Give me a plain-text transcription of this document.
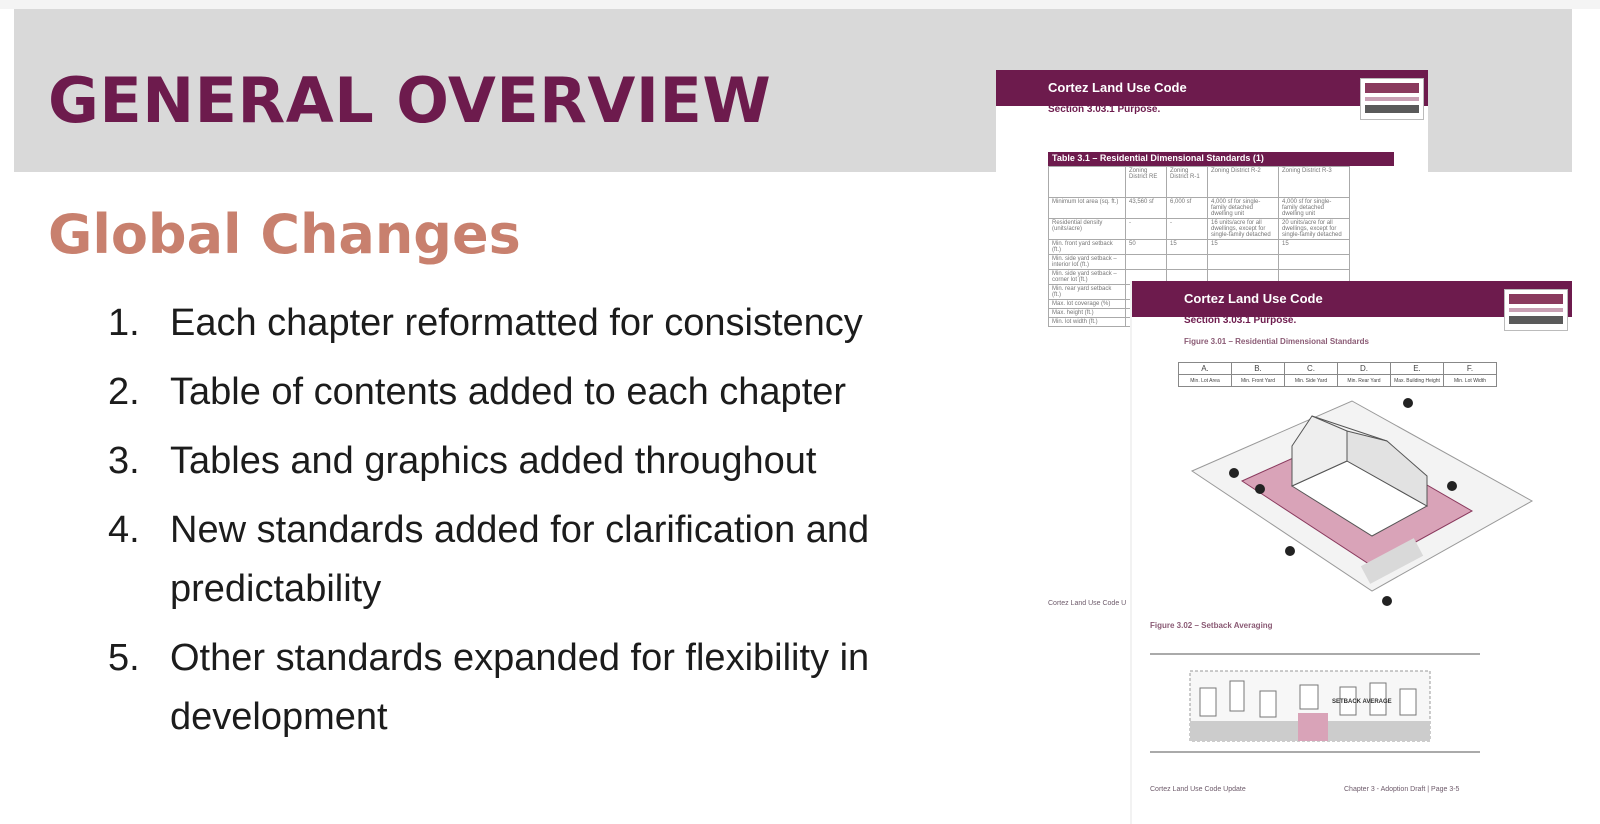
GENERAL OVERVIEW
Global Changes
1. Each chapter reformatted for consistency
2. Table of contents added to each chapter
3. Tables and graphics added throughout
4. New standards added for clarification and predictability
5. Other standards expanded for flexibility in development
Cortez Land Use Code
Section 3.03.1 Purpose.
Table 3.1 – Residential Dimensional Standards (1)
	Zoning District RE	Zoning District R-1	Zoning District R-2	Zoning District R-3
Minimum lot area (sq. ft.)	43,560 sf	6,000 sf	4,000 sf for single-family detached dwelling unit	4,000 sf for single-family detached dwelling unit
Residential density (units/acre)	-	-	16 units/acre for all dwellings, except for single-family detached	20 units/acre for all dwellings, except for single-family detached
Min. front yard setback (ft.)	50	15	15	15
Min. side yard setback – interior lot (ft.)				
Min. side yard setback – corner lot (ft.)				
Min. rear yard setback (ft.)				
Max. lot coverage (%)				
Max. height (ft.)				
Min. lot width (ft.)				
Cortez Land Use Code U
Cortez Land Use Code
Section 3.03.1 Purpose.
Figure 3.01 – Residential Dimensional Standards
A.	B.	C.	D.	E.	F.
Min. Lot Area	Min. Front Yard	Min. Side Yard	Min. Rear Yard	Max. Building Height	Min. Lot Width
Figure 3.02 – Setback Averaging
SETBACK AVERAGE
Cortez Land Use Code Update	Chapter 3 - Adoption Draft | Page 3-5
